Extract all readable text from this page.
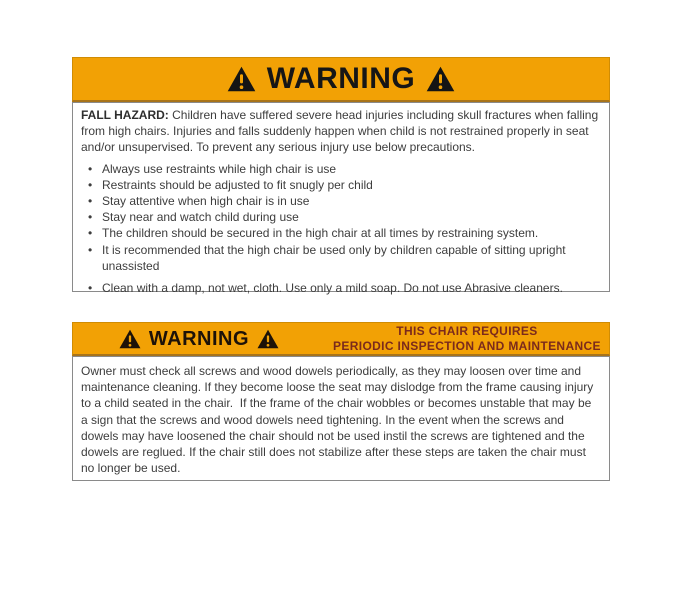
WARNING

FALL HAZARD: Children have suffered severe head injuries including skull fractures when falling from high chairs. Injuries and falls suddenly happen when child is not restrained properly in seat and/or unsupervised. To prevent any serious injury use below precautions.

• Always use restraints while high chair is use
• Restraints should be adjusted to fit snugly per child
• Stay attentive when high chair is in use
• Stay near and watch child during use
• The children should be secured in the high chair at all times by restraining system.
• It is recommended that the high chair be used only by children capable of sitting upright unassisted
• Clean with a damp, not wet, cloth. Use only a mild soap. Do not use Abrasive cleaners.
WARNING	THIS CHAIR REQUIRES
PERIODIC INSPECTION AND MAINTENANCE

Owner must check all screws and wood dowels periodically, as they may loosen over time and maintenance cleaning. If they become loose the seat may dislodge from the frame causing injury to a child seated in the chair.  If the frame of the chair wobbles or becomes unstable that may be a sign that the screws and wood dowels need tightening. In the event when the screws and dowels may have loosened the chair should not be used instil the screws are tightened and the dowels are reglued. If the chair still does not stabilize after these steps are taken the chair must no longer be used.
